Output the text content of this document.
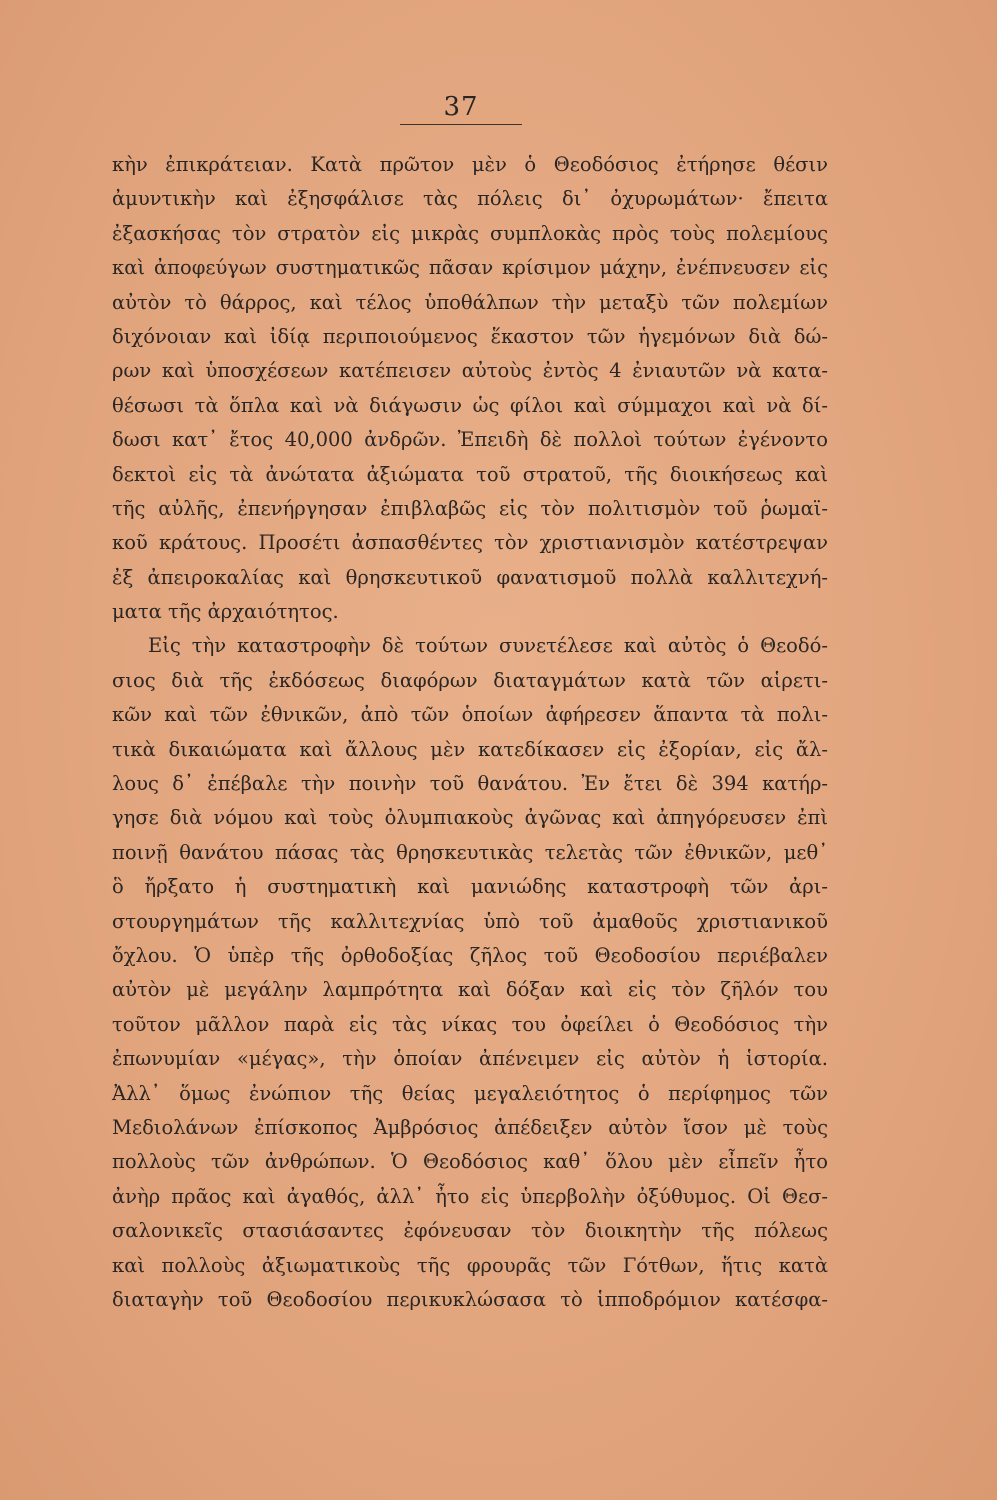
37
κὴν ἐπικράτειαν. Κατὰ πρῶτον μὲν ὁ Θεοδόσιος ἐτήρησε θέσιν
ἀμυντικὴν καὶ ἐξησφάλισε τὰς πόλεις δι᾽ ὀχυρωμάτων· ἔπειτα
ἐξασκήσας τὸν στρατὸν εἰς μικρὰς συμπλοκὰς πρὸς τοὺς πολεμίους
καὶ ἀποφεύγων συστηματικῶς πᾶσαν κρίσιμον μάχην, ἐνέπνευσεν εἰς
αὐτὸν τὸ θάρρος, καὶ τέλος ὑποθάλπων τὴν μεταξὺ τῶν πολεμίων
διχόνοιαν καὶ ἰδίᾳ περιποιούμενος ἕκαστον τῶν ἡγεμόνων διὰ δώ-
ρων καὶ ὑποσχέσεων κατέπεισεν αὐτοὺς ἐντὸς 4 ἐνιαυτῶν νὰ κατα-
θέσωσι τὰ ὅπλα καὶ νὰ διάγωσιν ὡς φίλοι καὶ σύμμαχοι καὶ νὰ δί-
δωσι κατ᾽ ἔτος 40,000 ἀνδρῶν. Ἐπειδὴ δὲ πολλοὶ τούτων ἐγένοντο
δεκτοὶ εἰς τὰ ἀνώτατα ἀξιώματα τοῦ στρατοῦ, τῆς διοικήσεως καὶ
τῆς αὐλῆς, ἐπενήργησαν ἐπιβλαβῶς εἰς τὸν πολιτισμὸν τοῦ ῥωμαϊ-
κοῦ κράτους. Προσέτι ἀσπασθέντες τὸν χριστιανισμὸν κατέστρεψαν
ἐξ ἀπειροκαλίας καὶ θρησκευτικοῦ φανατισμοῦ πολλὰ καλλιτεχνή-
ματα τῆς ἀρχαιότητος.
Εἰς τὴν καταστροφὴν δὲ τούτων συνετέλεσε καὶ αὐτὸς ὁ Θεοδό-
σιος διὰ τῆς ἐκδόσεως διαφόρων διαταγμάτων κατὰ τῶν αἱρετι-
κῶν καὶ τῶν ἐθνικῶν, ἀπὸ τῶν ὁποίων ἀφήρεσεν ἅπαντα τὰ πολι-
τικὰ δικαιώματα καὶ ἄλλους μὲν κατεδίκασεν εἰς ἐξορίαν, εἰς ἄλ-
λους δ᾽ ἐπέβαλε τὴν ποινὴν τοῦ θανάτου. Ἐν ἔτει δὲ 394 κατήρ-
γησε διὰ νόμου καὶ τοὺς ὀλυμπιακοὺς ἀγῶνας καὶ ἀπηγόρευσεν ἐπὶ
ποινῇ θανάτου πάσας τὰς θρησκευτικὰς τελετὰς τῶν ἐθνικῶν, μεθ᾽
ὃ ἤρξατο ἡ συστηματικὴ καὶ μανιώδης καταστροφὴ τῶν ἀρι-
στουργημάτων τῆς καλλιτεχνίας ὑπὸ τοῦ ἀμαθοῦς χριστιανικοῦ
ὄχλου. Ὁ ὑπὲρ τῆς ὀρθοδοξίας ζῆλος τοῦ Θεοδοσίου περιέβαλεν
αὐτὸν μὲ μεγάλην λαμπρότητα καὶ δόξαν καὶ εἰς τὸν ζῆλόν του
τοῦτον μᾶλλον παρὰ εἰς τὰς νίκας του ὀφείλει ὁ Θεοδόσιος τὴν
ἐπωνυμίαν «μέγας», τὴν ὁποίαν ἀπένειμεν εἰς αὐτὸν ἡ ἱστορία.
Ἀλλ᾽ ὅμως ἐνώπιον τῆς θείας μεγαλειότητος ὁ περίφημος τῶν
Μεδιολάνων ἐπίσκοπος Ἀμβρόσιος ἀπέδειξεν αὐτὸν ἴσον μὲ τοὺς
πολλοὺς τῶν ἀνθρώπων. Ὁ Θεοδόσιος καθ᾽ ὅλου μὲν εἶπεῖν ἦτο
ἀνὴρ πρᾶος καὶ ἀγαθός, ἀλλ᾽ ἦτο εἰς ὑπερβολὴν ὀξύθυμος. Οἱ Θεσ-
σαλονικεῖς στασιάσαντες ἐφόνευσαν τὸν διοικητὴν τῆς πόλεως
καὶ πολλοὺς ἀξιωματικοὺς τῆς φρουρᾶς τῶν Γότθων, ἥτις κατὰ
διαταγὴν τοῦ Θεοδοσίου περικυκλώσασα τὸ ἱπποδρόμιον κατέσφα-
